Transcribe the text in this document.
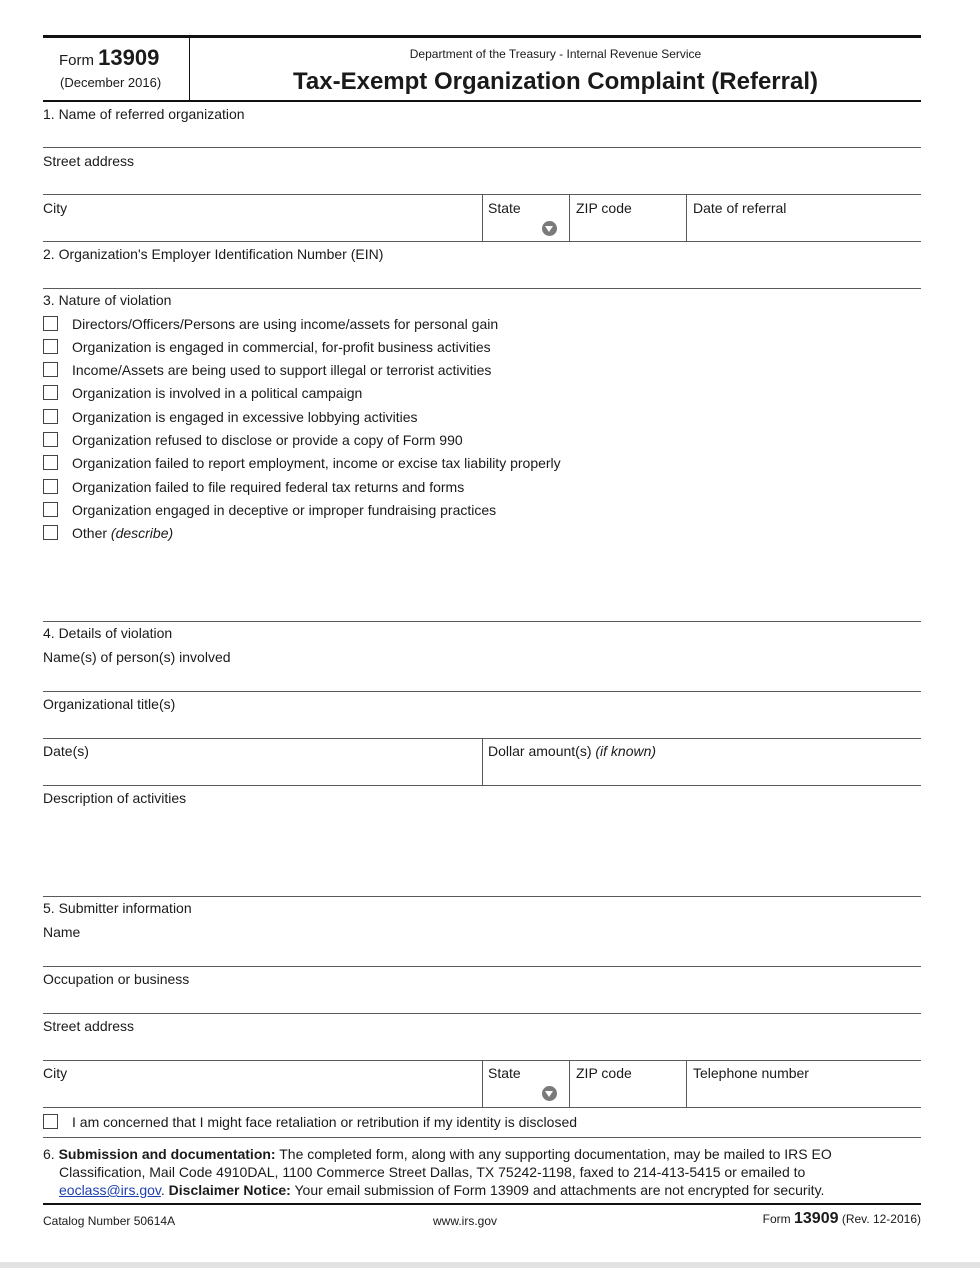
Form 13909
(December 2016)
Department of the Treasury - Internal Revenue Service
Tax-Exempt Organization Complaint (Referral)
1. Name of referred organization
Street address
City	State	ZIP code	Date of referral
2. Organization's Employer Identification Number (EIN)
3. Nature of violation
Directors/Officers/Persons are using income/assets for personal gain
Organization is engaged in commercial, for-profit business activities
Income/Assets are being used to support illegal or terrorist activities
Organization is involved in a political campaign
Organization is engaged in excessive lobbying activities
Organization refused to disclose or provide a copy of Form 990
Organization failed to report employment, income or excise tax liability properly
Organization failed to file required federal tax returns and forms
Organization engaged in deceptive or improper fundraising practices
Other (describe)
4. Details of violation
Name(s) of person(s) involved
Organizational title(s)
Date(s)	Dollar amount(s) (if known)
Description of activities
5. Submitter information
Name
Occupation or business
Street address
City	State	ZIP code	Telephone number
I am concerned that I might face retaliation or retribution if my identity is disclosed
6. Submission and documentation: The completed form, along with any supporting documentation, may be mailed to IRS EO Classification, Mail Code 4910DAL, 1100 Commerce Street Dallas, TX 75242-1198, faxed to 214-413-5415 or emailed to eoclass@irs.gov. Disclaimer Notice: Your email submission of Form 13909 and attachments are not encrypted for security.
Catalog Number 50614A	www.irs.gov	Form 13909 (Rev. 12-2016)
